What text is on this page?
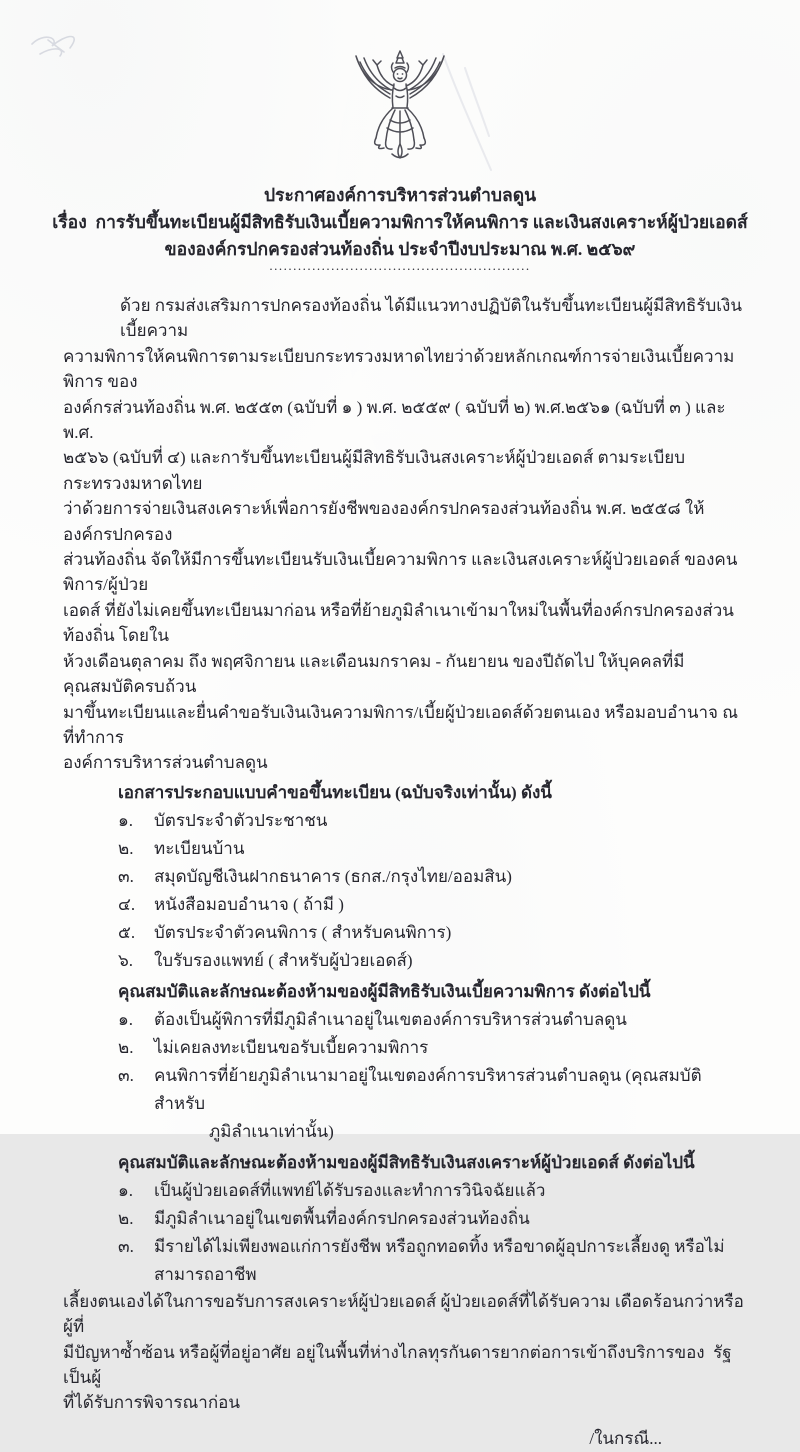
ประกาศองค์การบริหารส่วนตำบลดูน
เรื่อง  การรับขึ้นทะเบียนผู้มีสิทธิรับเงินเบี้ยความพิการให้คนพิการ และเงินสงเคราะห์ผู้ป่วยเอดส์
ขององค์กรปกครองส่วนท้องถิ่น ประจำปีงบประมาณ พ.ศ. ๒๕๖๙
.......................................................
ด้วย กรมส่งเสริมการปกครองท้องถิ่น ได้มีแนวทางปฏิบัติในรับขึ้นทะเบียนผู้มีสิทธิรับเงินเบี้ยความ
ความพิการให้คนพิการตามระเบียบกระทรวงมหาดไทยว่าด้วยหลักเกณฑ์การจ่ายเงินเบี้ยความพิการ ของ
องค์กรส่วนท้องถิ่น พ.ศ. ๒๕๕๓ (ฉบับที่ ๑ ) พ.ศ. ๒๕๕๙ ( ฉบับที่ ๒) พ.ศ.๒๕๖๑ (ฉบับที่ ๓ ) และ พ.ศ.
๒๕๖๖ (ฉบับที่ ๔) และการับขึ้นทะเบียนผู้มีสิทธิรับเงินสงเคราะห์ผู้ป่วยเอดส์ ตามระเบียบกระทรวงมหาดไทย
ว่าด้วยการจ่ายเงินสงเคราะห์เพื่อการยังชีพขององค์กรปกครองส่วนท้องถิ่น พ.ศ. ๒๕๕๘ ให้องค์กรปกครอง
ส่วนท้องถิ่น จัดให้มีการขึ้นทะเบียนรับเงินเบี้ยความพิการ และเงินสงเคราะห์ผู้ป่วยเอดส์ ของคนพิการ/ผู้ป่วย
เอดส์ ที่ยังไม่เคยขึ้นทะเบียนมาก่อน หรือที่ย้ายภูมิลำเนาเข้ามาใหม่ในพื้นที่องค์กรปกครองส่วนท้องถิ่น โดยใน
ห้วงเดือนตุลาคม ถึง พฤศจิกายน และเดือนมกราคม - กันยายน ของปีถัดไป ให้บุคคลที่มีคุณสมบัติครบถ้วน
มาขึ้นทะเบียนและยื่นคำขอรับเงินเงินความพิการ/เบี้ยผู้ป่วยเอดส์ด้วยตนเอง หรือมอบอำนาจ ณ ที่ทำการ
องค์การบริหารส่วนตำบลดูน
เอกสารประกอบแบบคำขอขึ้นทะเบียน (ฉบับจริงเท่านั้น) ดังนี้
๑.	บัตรประจำตัวประชาชน
๒.	ทะเบียนบ้าน
๓.	สมุดบัญชีเงินฝากธนาคาร (ธกส./กรุงไทย/ออมสิน)
๔.	หนังสือมอบอำนาจ ( ถ้ามี )
๕.	บัตรประจำตัวคนพิการ ( สำหรับคนพิการ)
๖.	ใบรับรองแพทย์ ( สำหรับผู้ป่วยเอดส์)
คุณสมบัติและลักษณะต้องห้ามของผู้มีสิทธิรับเงินเบี้ยความพิการ ดังต่อไปนี้
๑.	ต้องเป็นผู้พิการที่มีภูมิลำเนาอยู่ในเขตองค์การบริหารส่วนตำบลดูน
๒.	ไม่เคยลงทะเบียนขอรับเบี้ยความพิการ
๓.	คนพิการที่ย้ายภูมิลำเนามาอยู่ในเขตองค์การบริหารส่วนตำบลดูน (คุณสมบัติสำหรับ
ภูมิลำเนาเท่านั้น)
คุณสมบัติและลักษณะต้องห้ามของผู้มีสิทธิรับเงินสงเคราะห์ผู้ป่วยเอดส์ ดังต่อไปนี้
๑.	เป็นผู้ป่วยเอดส์ที่แพทย์ได้รับรองและทำการวินิจฉัยแล้ว
๒.	มีภูมิลำเนาอยู่ในเขตพื้นที่องค์กรปกครองส่วนท้องถิ่น
๓.	มีรายได้ไม่เพียงพอแก่การยังชีพ หรือถูกทอดทิ้ง หรือขาดผู้อุปการะเลี้ยงดู หรือไม่สามารถอาชีพ
เลี้ยงตนเองได้ในการขอรับการสงเคราะห์ผู้ป่วยเอดส์ ผู้ป่วยเอดส์ที่ได้รับความ เดือดร้อนกว่าหรือ ผู้ที่
มีปัญหาซ้ำซ้อน หรือผู้ที่อยู่อาศัย อยู่ในพื้นที่ห่างไกลทุรกันดารยากต่อการเข้าถึงบริการของ  รัฐเป็นผู้
ที่ได้รับการพิจารณาก่อน
/ในกรณี...
